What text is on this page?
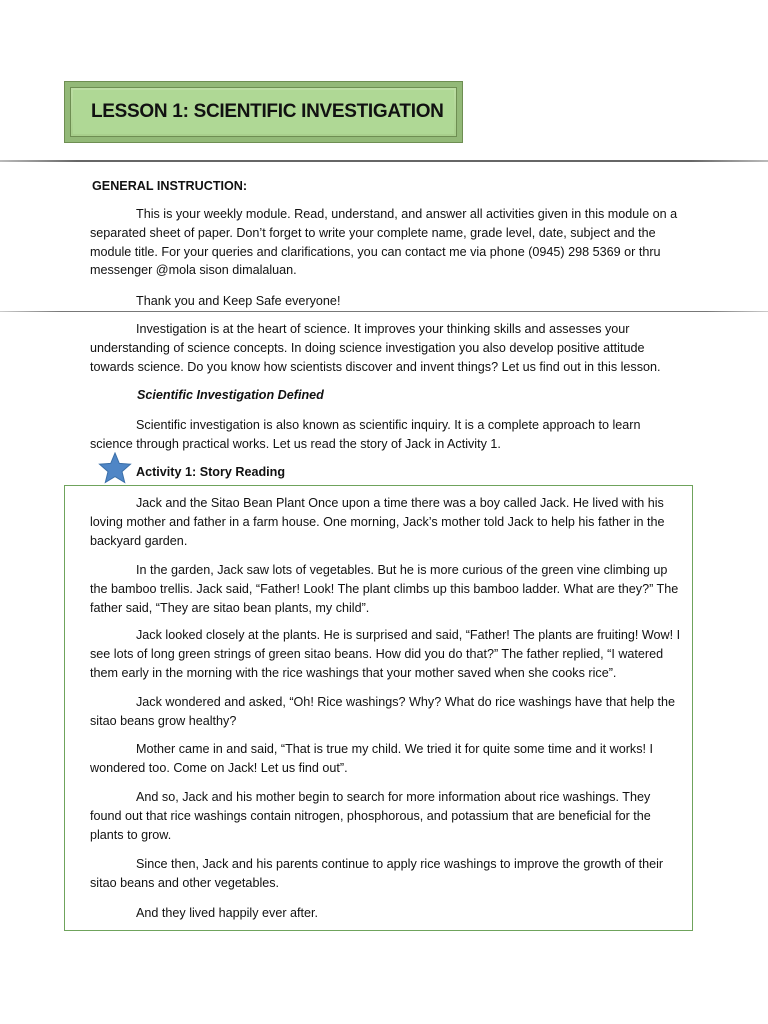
LESSON 1: SCIENTIFIC INVESTIGATION
GENERAL INSTRUCTION:
This is your weekly module. Read, understand, and answer all activities given in this module on a separated sheet of paper. Don’t forget to write your complete name, grade level, date, subject and the module title. For your queries and clarifications, you can contact me via phone (0945) 298 5369 or thru messenger @mola sison dimalaluan.
Thank you and Keep Safe everyone!
Investigation is at the heart of science. It improves your thinking skills and assesses your understanding of science concepts. In doing science investigation you also develop positive attitude towards science. Do you know how scientists discover and invent things? Let us find out in this lesson.
Scientific Investigation Defined
Scientific investigation is also known as scientific inquiry. It is a complete approach to learn science through practical works. Let us read the story of Jack in Activity 1.
Activity 1: Story Reading
Jack and the Sitao Bean Plant Once upon a time there was a boy called Jack. He lived with his loving mother and father in a farm house. One morning, Jack’s mother told Jack to help his father in the backyard garden.
In the garden, Jack saw lots of vegetables. But he is more curious of the green vine climbing up the bamboo trellis. Jack said, “Father! Look! The plant climbs up this bamboo ladder. What are they?” The father said, “They are sitao bean plants, my child”.
Jack looked closely at the plants. He is surprised and said, “Father! The plants are fruiting! Wow! I see lots of long green strings of green sitao beans. How did you do that?” The father replied, “I watered them early in the morning with the rice washings that your mother saved when she cooks rice”.
Jack wondered and asked, “Oh! Rice washings? Why? What do rice washings have that help the sitao beans grow healthy?
Mother came in and said, “That is true my child. We tried it for quite some time and it works! I wondered too. Come on Jack! Let us find out”.
And so, Jack and his mother begin to search for more information about rice washings. They found out that rice washings contain nitrogen, phosphorous, and potassium that are beneficial for the plants to grow.
Since then, Jack and his parents continue to apply rice washings to improve the growth of their sitao beans and other vegetables.
And they lived happily ever after.
